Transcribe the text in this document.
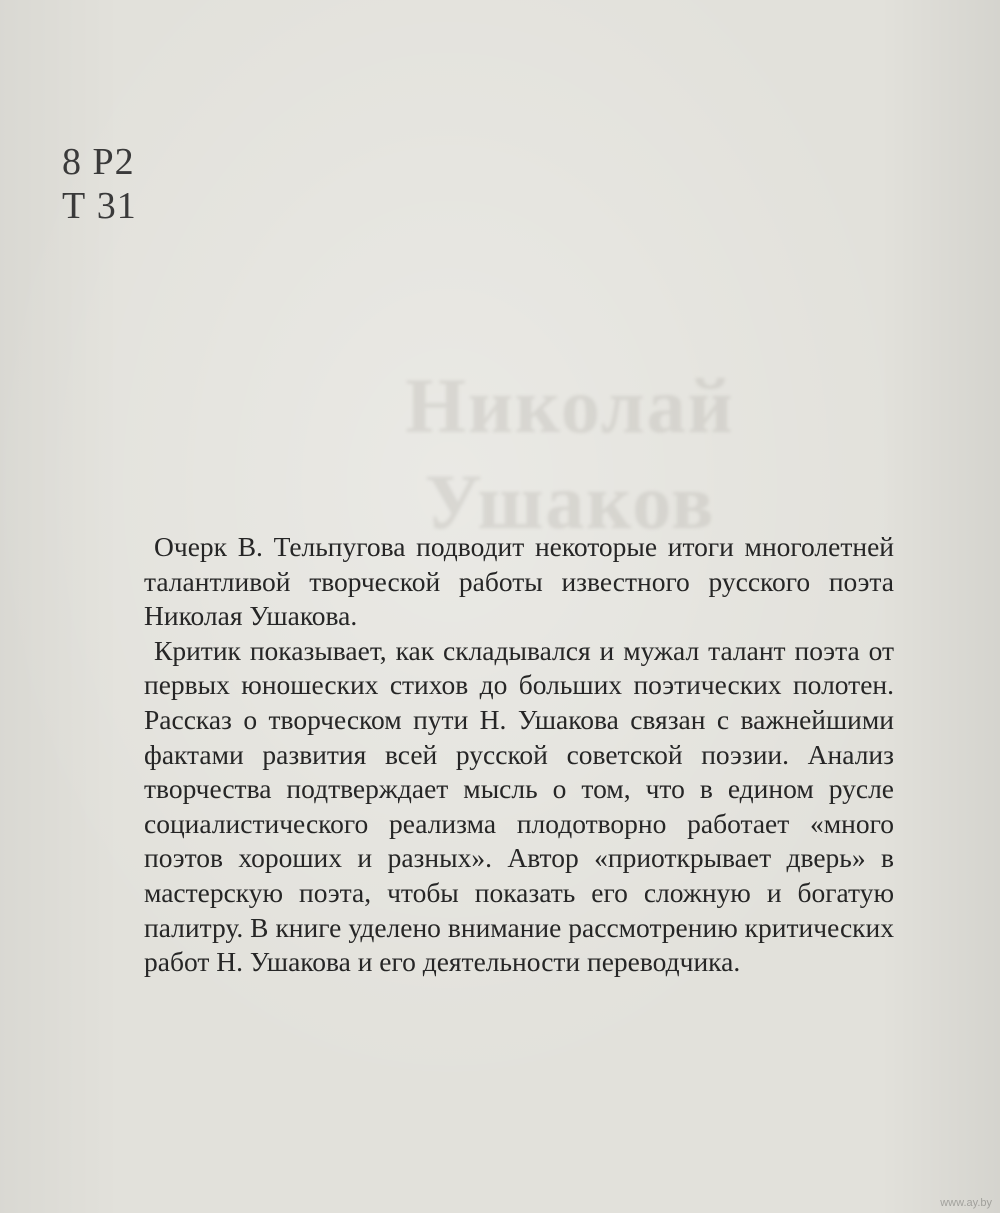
8 Р2
Т 31
Николай
Ушаков

Очерк В. Тельпугова подводит некоторые итоги многолетней талантливой творческой работы известного русского поэта Николая Ушакова.

Критик показывает, как складывался и мужал талант поэта от первых юношеских стихов до больших поэтических полотен. Рассказ о творческом пути Н. Ушакова связан с важнейшими фактами развития всей русской советской поэзии. Анализ творчества подтверждает мысль о том, что в едином русле социалистического реализма плодотворно работает «много поэтов хороших и разных». Автор «приоткрывает дверь» в мастерскую поэта, чтобы показать его сложную и богатую палитру. В книге уделено внимание рассмотрению критических работ Н. Ушакова и его деятельности переводчика.

www.ay.by
